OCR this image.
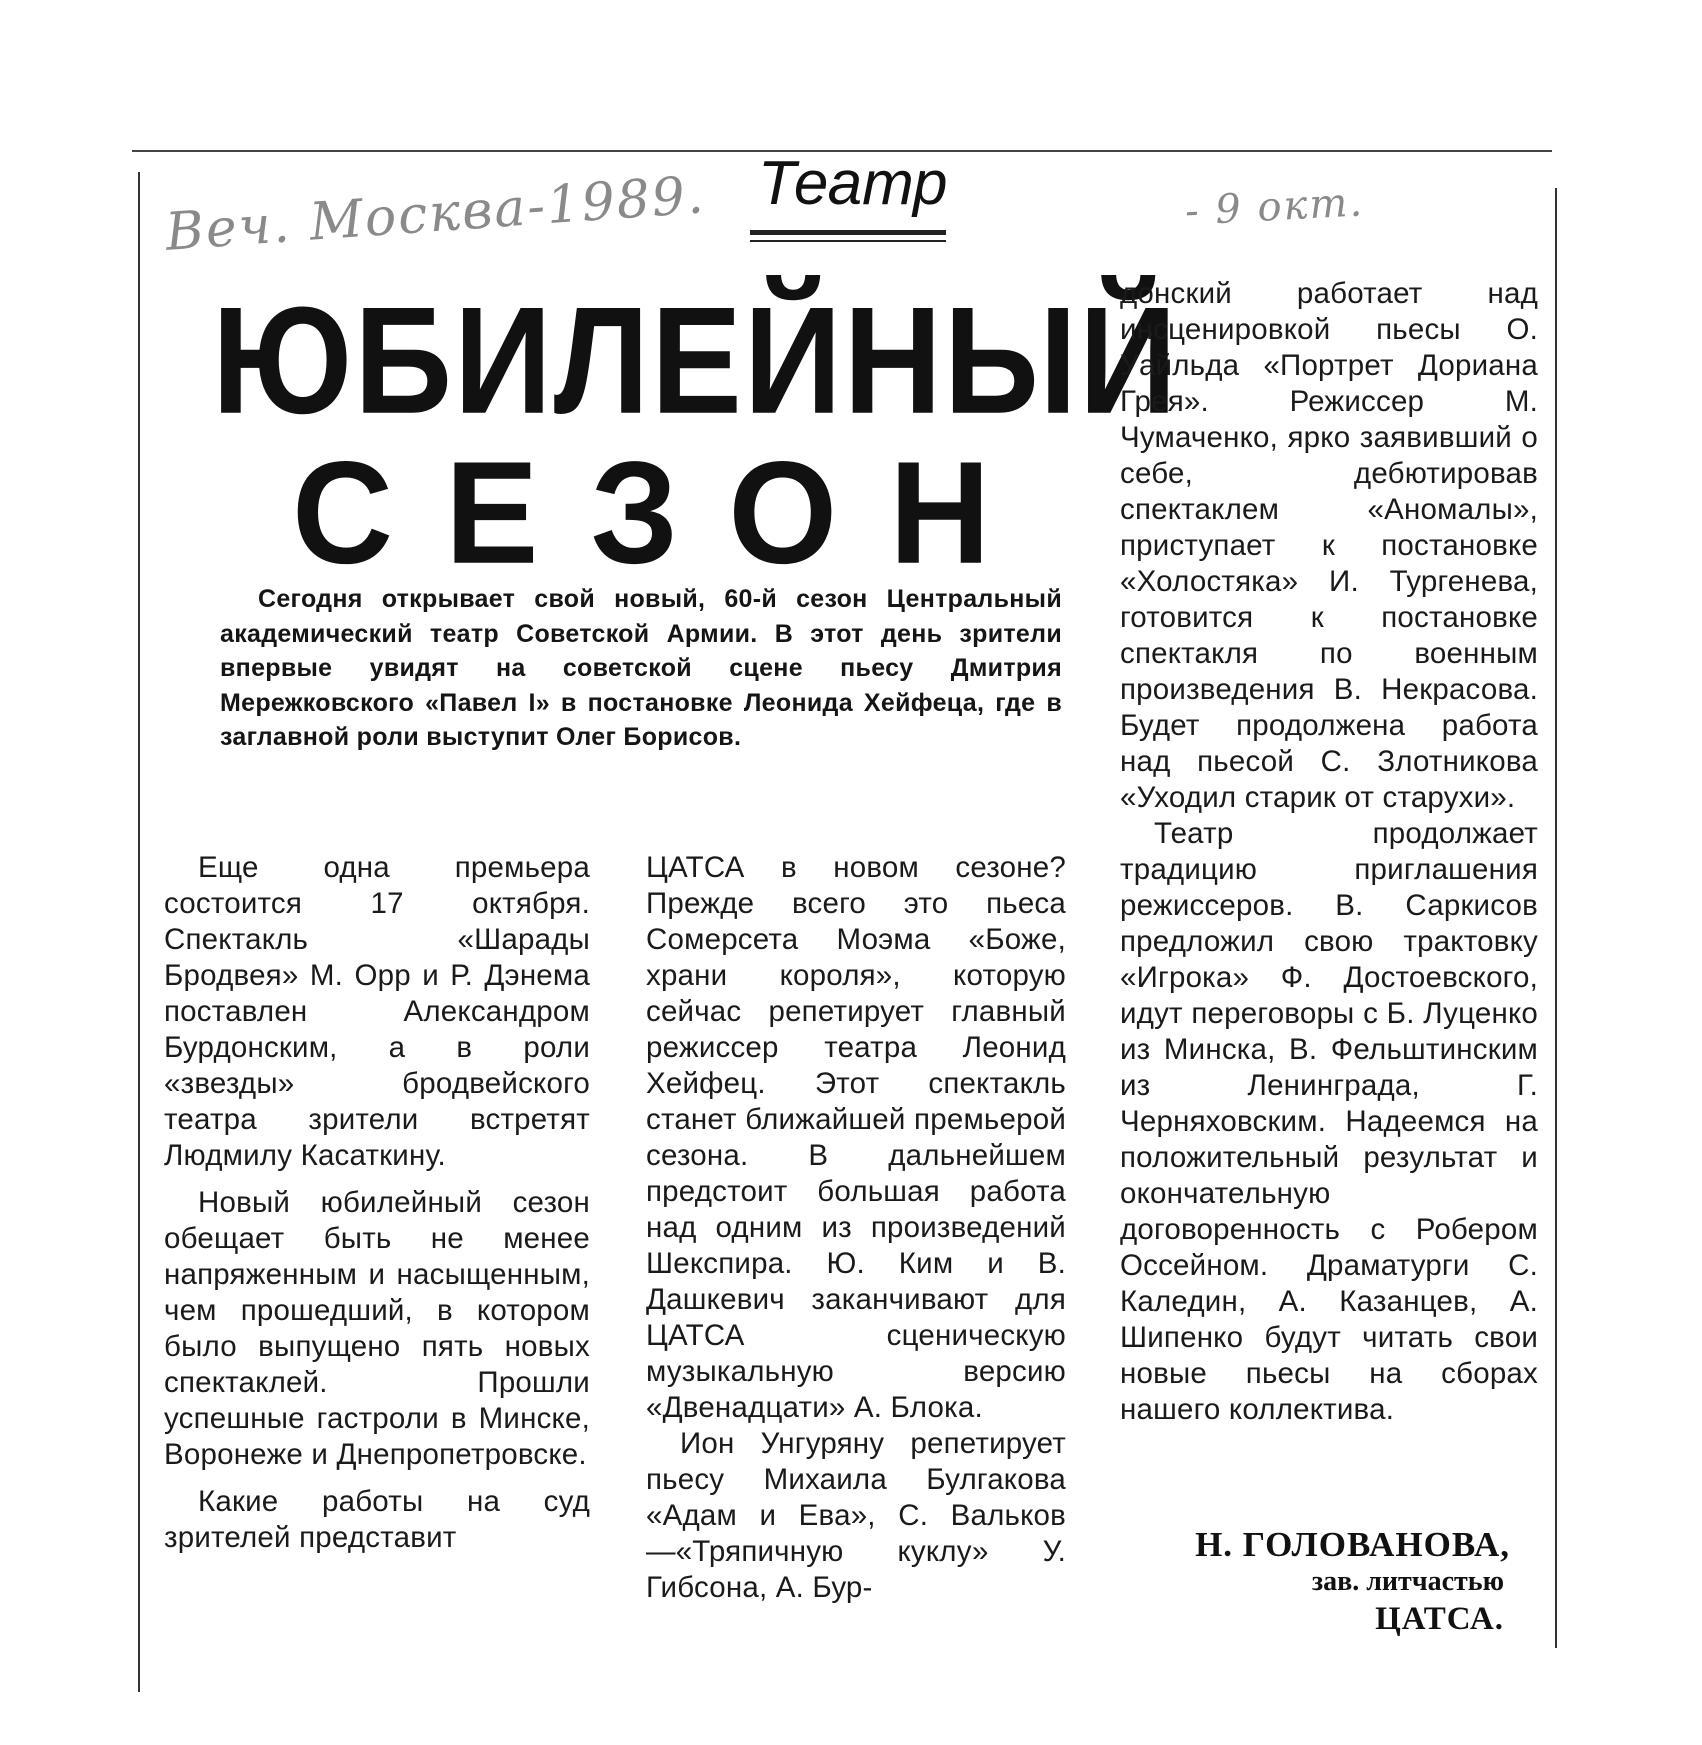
Веч. Москва-1989.	- 9 окт.
Театр
ЮБИЛЕЙНЫЙ
СЕЗОН

Сегодня открывает свой новый, 60-й сезон Центральный академический театр Советской Армии. В этот день зрители впервые увидят на советской сцене пьесу Дмитрия Мережковского «Павел I» в постановке Леонида Хейфеца, где в заглавной роли выступит Олег Борисов.

Еще одна премьера состоится 17 октября. Спектакль «Шарады Бродвея» М. Орр и Р. Дэнема поставлен Александром Бурдонским, а в роли «звезды» бродвейского театра зрители встретят Людмилу Касаткину.

Новый юбилейный сезон обещает быть не менее напряженным и насыщенным, чем прошедший, в котором было выпущено пять новых спектаклей. Прошли успешные гастроли в Минске, Воронеже и Днепропетровске.

Какие работы на суд зрителей представит

ЦАТСА в новом сезоне? Прежде всего это пьеса Сомерсета Моэма «Боже, храни короля», которую сейчас репетирует главный режиссер театра Леонид Хейфец. Этот спектакль станет ближайшей премьерой сезона. В дальнейшем предстоит большая работа над одним из произведений Шекспира. Ю. Ким и В. Дашкевич заканчивают для ЦАТСА сценическую музыкальную версию «Двенадцати» А. Блока.

Ион Унгуряну репетирует пьесу Михаила Булгакова «Адам и Ева», С. Вальков—«Тряпичную куклу» У. Гибсона, А. Бур-

донский работает над инсценировкой пьесы О. Уайльда «Портрет Дориана Грея». Режиссер М. Чумаченко, ярко заявивший о себе, дебютировав спектаклем «Аномалы», приступает к постановке «Холостяка» И. Тургенева, готовится к постановке спектакля по военным произведения В. Некрасова. Будет продолжена работа над пьесой С. Злотникова «Уходил старик от старухи».

Театр продолжает традицию приглашения режиссеров. В. Саркисов предложил свою трактовку «Игрока» Ф. Достоевского, идут переговоры с Б. Луценко из Минска, В. Фельштинским из Ленинграда, Г. Черняховским. Надеемся на положительный результат и окончательную договоренность с Робером Оссейном. Драматурги С. Каледин, А. Казанцев, А. Шипенко будут читать свои новые пьесы на сборах нашего коллектива.

Н. ГОЛОВАНОВА,
зав. литчастью
ЦАТСА.
